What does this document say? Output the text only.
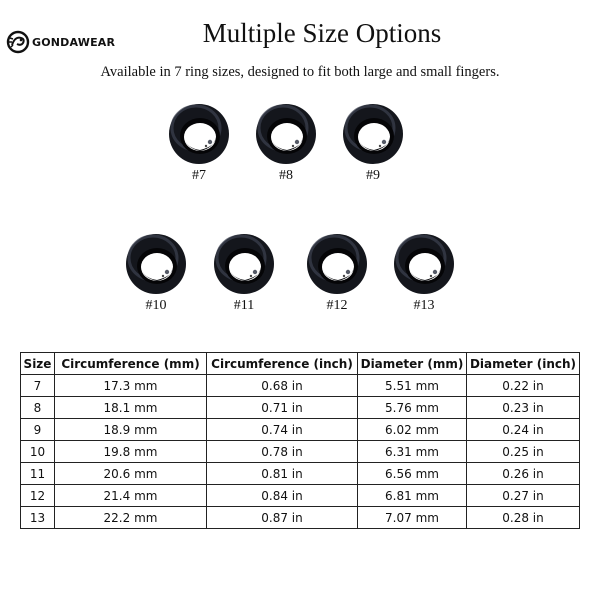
GONDAWEAR	Multiple Size Options
Available in 7 ring sizes, designed to fit both large and small fingers.
#7	#8	#9
#10	#11	#12	#13
Size	Circumference (mm)	Circumference (inch)	Diameter (mm)	Diameter (inch)
7	17.3 mm	0.68 in	5.51 mm	0.22 in
8	18.1 mm	0.71 in	5.76 mm	0.23 in
9	18.9 mm	0.74 in	6.02 mm	0.24 in
10	19.8 mm	0.78 in	6.31 mm	0.25 in
11	20.6 mm	0.81 in	6.56 mm	0.26 in
12	21.4 mm	0.84 in	6.81 mm	0.27 in
13	22.2 mm	0.87 in	7.07 mm	0.28 in
